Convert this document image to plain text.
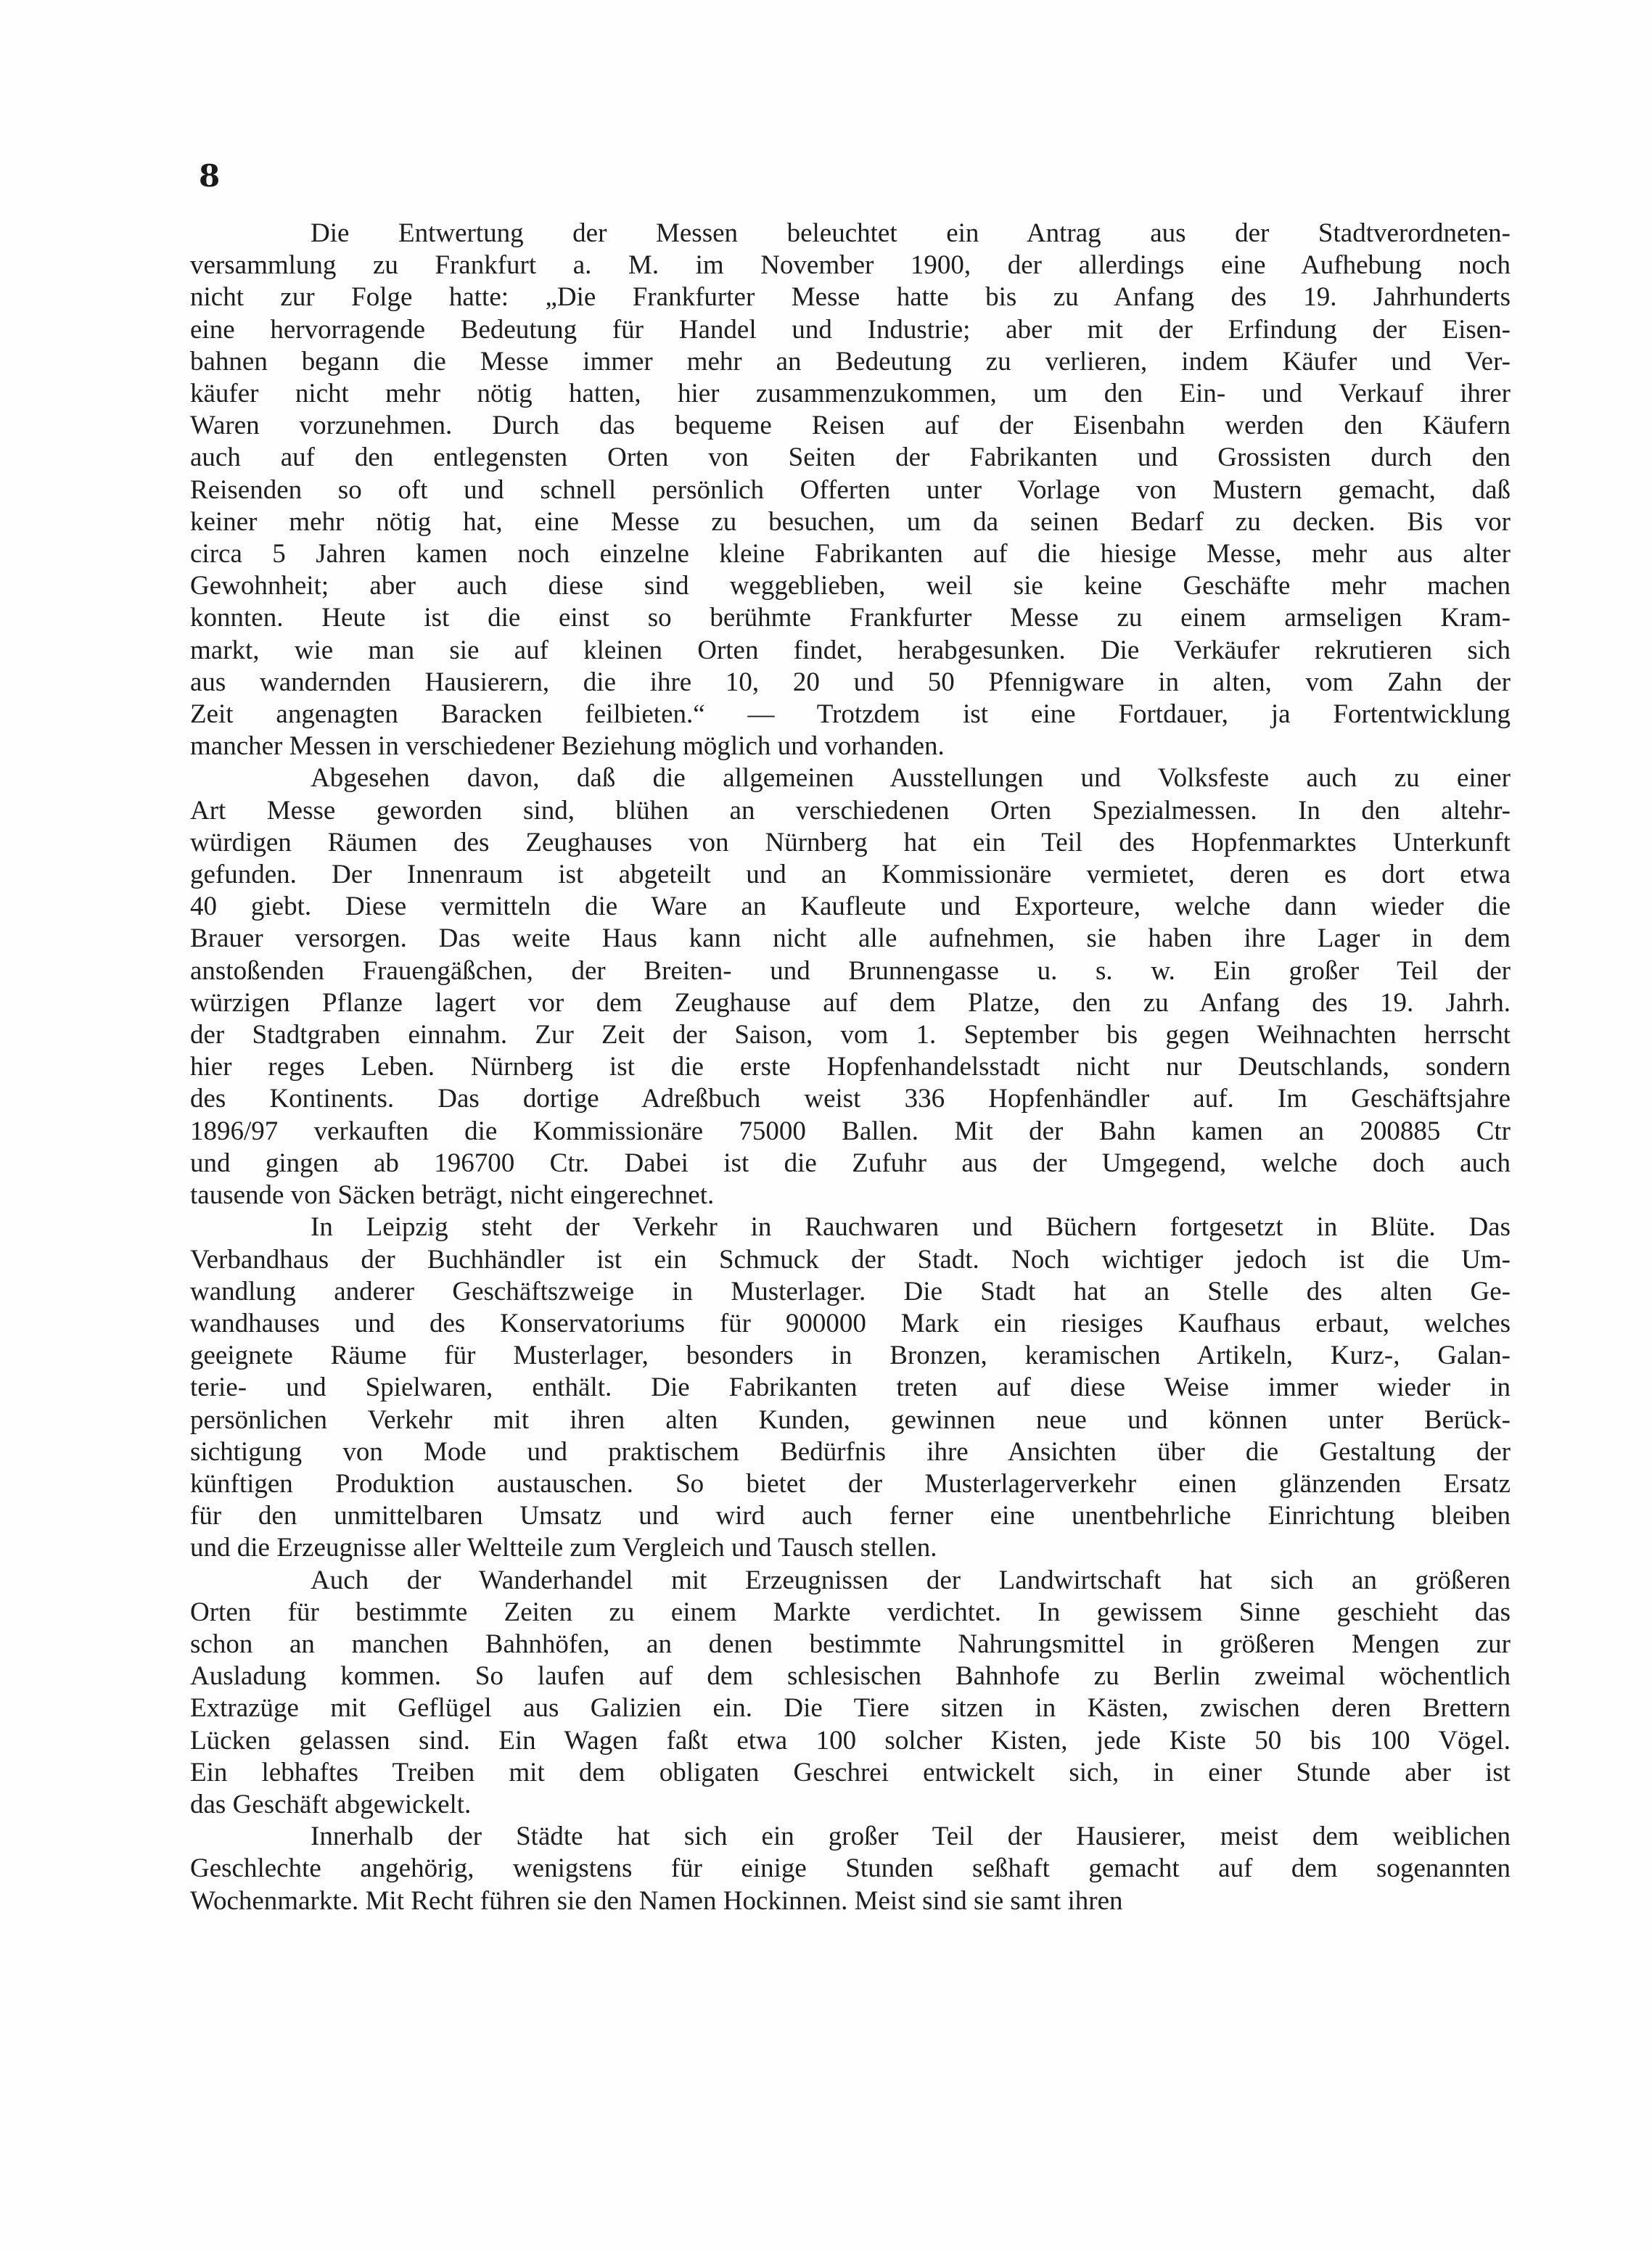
8
Die Entwertung der Messen beleuchtet ein Antrag aus der Stadtverordneten-
versammlung zu Frankfurt a. M. im November 1900, der allerdings eine Aufhebung noch
nicht zur Folge hatte: „Die Frankfurter Messe hatte bis zu Anfang des 19. Jahrhunderts
eine hervorragende Bedeutung für Handel und Industrie; aber mit der Erfindung der Eisen-
bahnen begann die Messe immer mehr an Bedeutung zu verlieren, indem Käufer und Ver-
käufer nicht mehr nötig hatten, hier zusammenzukommen, um den Ein- und Verkauf ihrer
Waren vorzunehmen. Durch das bequeme Reisen auf der Eisenbahn werden den Käufern
auch auf den entlegensten Orten von Seiten der Fabrikanten und Grossisten durch den
Reisenden so oft und schnell persönlich Offerten unter Vorlage von Mustern gemacht, daß
keiner mehr nötig hat, eine Messe zu besuchen, um da seinen Bedarf zu decken. Bis vor
circa 5 Jahren kamen noch einzelne kleine Fabrikanten auf die hiesige Messe, mehr aus alter
Gewohnheit; aber auch diese sind weggeblieben, weil sie keine Geschäfte mehr machen
konnten. Heute ist die einst so berühmte Frankfurter Messe zu einem armseligen Kram-
markt, wie man sie auf kleinen Orten findet, herabgesunken. Die Verkäufer rekrutieren sich
aus wandernden Hausierern, die ihre 10, 20 und 50 Pfennigware in alten, vom Zahn der
Zeit angenagten Baracken feilbieten.“ — Trotzdem ist eine Fortdauer, ja Fortentwicklung
mancher Messen in verschiedener Beziehung möglich und vorhanden.
Abgesehen davon, daß die allgemeinen Ausstellungen und Volksfeste auch zu einer
Art Messe geworden sind, blühen an verschiedenen Orten Spezialmessen. In den altehr-
würdigen Räumen des Zeughauses von Nürnberg hat ein Teil des Hopfenmarktes Unterkunft
gefunden. Der Innenraum ist abgeteilt und an Kommissionäre vermietet, deren es dort etwa
40 giebt. Diese vermitteln die Ware an Kaufleute und Exporteure, welche dann wieder die
Brauer versorgen. Das weite Haus kann nicht alle aufnehmen, sie haben ihre Lager in dem
anstoßenden Frauengäßchen, der Breiten- und Brunnengasse u. s. w. Ein großer Teil der
würzigen Pflanze lagert vor dem Zeughause auf dem Platze, den zu Anfang des 19. Jahrh.
der Stadtgraben einnahm. Zur Zeit der Saison, vom 1. September bis gegen Weihnachten herrscht
hier reges Leben. Nürnberg ist die erste Hopfenhandelsstadt nicht nur Deutschlands, sondern
des Kontinents. Das dortige Adreßbuch weist 336 Hopfenhändler auf. Im Geschäftsjahre
1896/97 verkauften die Kommissionäre 75000 Ballen. Mit der Bahn kamen an 200885 Ctr
und gingen ab 196700 Ctr. Dabei ist die Zufuhr aus der Umgegend, welche doch auch
tausende von Säcken beträgt, nicht eingerechnet.
In Leipzig steht der Verkehr in Rauchwaren und Büchern fortgesetzt in Blüte. Das
Verbandhaus der Buchhändler ist ein Schmuck der Stadt. Noch wichtiger jedoch ist die Um-
wandlung anderer Geschäftszweige in Musterlager. Die Stadt hat an Stelle des alten Ge-
wandhauses und des Konservatoriums für 900000 Mark ein riesiges Kaufhaus erbaut, welches
geeignete Räume für Musterlager, besonders in Bronzen, keramischen Artikeln, Kurz-, Galan-
terie- und Spielwaren, enthält. Die Fabrikanten treten auf diese Weise immer wieder in
persönlichen Verkehr mit ihren alten Kunden, gewinnen neue und können unter Berück-
sichtigung von Mode und praktischem Bedürfnis ihre Ansichten über die Gestaltung der
künftigen Produktion austauschen. So bietet der Musterlagerverkehr einen glänzenden Ersatz
für den unmittelbaren Umsatz und wird auch ferner eine unentbehrliche Einrichtung bleiben
und die Erzeugnisse aller Weltteile zum Vergleich und Tausch stellen.
Auch der Wanderhandel mit Erzeugnissen der Landwirtschaft hat sich an größeren
Orten für bestimmte Zeiten zu einem Markte verdichtet. In gewissem Sinne geschieht das
schon an manchen Bahnhöfen, an denen bestimmte Nahrungsmittel in größeren Mengen zur
Ausladung kommen. So laufen auf dem schlesischen Bahnhofe zu Berlin zweimal wöchentlich
Extrazüge mit Geflügel aus Galizien ein. Die Tiere sitzen in Kästen, zwischen deren Brettern
Lücken gelassen sind. Ein Wagen faßt etwa 100 solcher Kisten, jede Kiste 50 bis 100 Vögel.
Ein lebhaftes Treiben mit dem obligaten Geschrei entwickelt sich, in einer Stunde aber ist
das Geschäft abgewickelt.
Innerhalb der Städte hat sich ein großer Teil der Hausierer, meist dem weiblichen
Geschlechte angehörig, wenigstens für einige Stunden seßhaft gemacht auf dem sogenannten
Wochenmarkte. Mit Recht führen sie den Namen Hockinnen. Meist sind sie samt ihren
